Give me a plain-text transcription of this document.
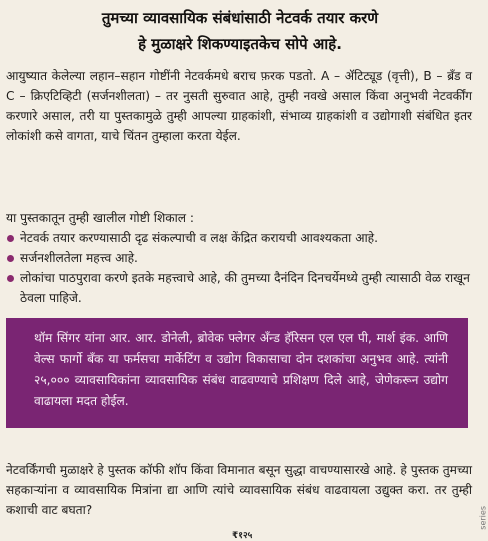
तुमच्या व्यावसायिक संबंधांसाठी नेटवर्क तयार करणे
हे मुळाक्षरे शिकण्याइतकेच सोपे आहे.
आयुष्यात केलेल्या लहान–सहान गोष्टींनी नेटवर्कमधे बराच फ़रक पडतो. A – ॲटिट्यूड (वृत्ती), B – ब्रँड व C – क्रिएटिव्हिटी (सर्जनशीलता) – तर नुसती सुरुवात आहे, तुम्ही नवखे असाल किंवा अनुभवी नेटवर्कींग करणारे असाल, तरी या पुस्तकामुळे तुम्ही आपल्या ग्राहकांशी, संभाव्य ग्राहकांशी व उद्योगाशी संबंधित इतर लोकांशी कसे वागता, याचे चिंतन तुम्हाला करता येईल.
या पुस्तकातून तुम्ही खालील गोष्टी शिकाल :
नेटवर्क तयार करण्यासाठी दृढ संकल्पाची व लक्ष केंद्रित करायची आवश्यकता आहे.
सर्जनशीलतेला महत्त्व आहे.
लोकांचा पाठपुरावा करणे इतके महत्त्वाचे आहे, की तुमच्या दैनंदिन दिनचर्येमध्ये तुम्ही त्यासाठी वेळ राखून ठेवला पाहिजे.
थॉम सिंगर यांना आर. आर. डोनेली, ब्रोवेक फ्लेगर अँन्ड हॅरिसन एल एल पी, मार्श इंक. आणि वेल्स फार्गो बँक या फर्मसचा मार्केटिंग व उद्योग विकासाचा दोन दशकांचा अनुभव आहे. त्यांनी २५,००० व्यावसायिकांना व्यावसायिक संबंध वाढवण्याचे प्रशिक्षण दिले आहे, जेणेकरून उद्योग वाढायला मदत होईल.
नेटवर्किंगची मुळाक्षरे हे पुस्तक कॉफी शॉप किंवा विमानात बसून सुद्धा वाचण्यासारखे आहे. हे पुस्तक तुमच्या सहकाऱ्यांना व व्यावसायिक मित्रांना द्या आणि त्यांचे व्यावसायिक संबंध वाढवायला उद्युक्त करा. तर तुम्ही कशाची वाट बघता?
₹१२५
series
